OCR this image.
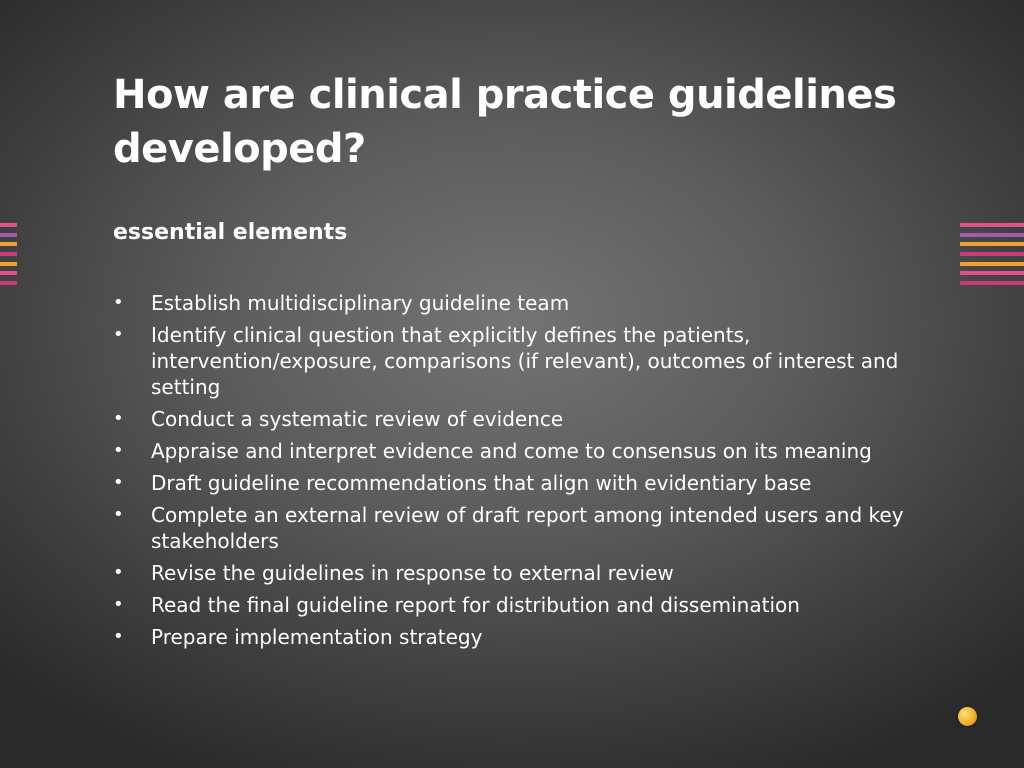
How are clinical practice guidelines developed?
essential elements
• Establish multidisciplinary guideline team
• Identify clinical question that explicitly defines the patients, intervention/exposure, comparisons (if relevant), outcomes of interest and setting
• Conduct a systematic review of evidence
• Appraise and interpret evidence and come to consensus on its meaning
• Draft guideline recommendations that align with evidentiary base
• Complete an external review of draft report among intended users and key stakeholders
• Revise the guidelines in response to external review
• Read the final guideline report for distribution and dissemination
• Prepare implementation strategy
